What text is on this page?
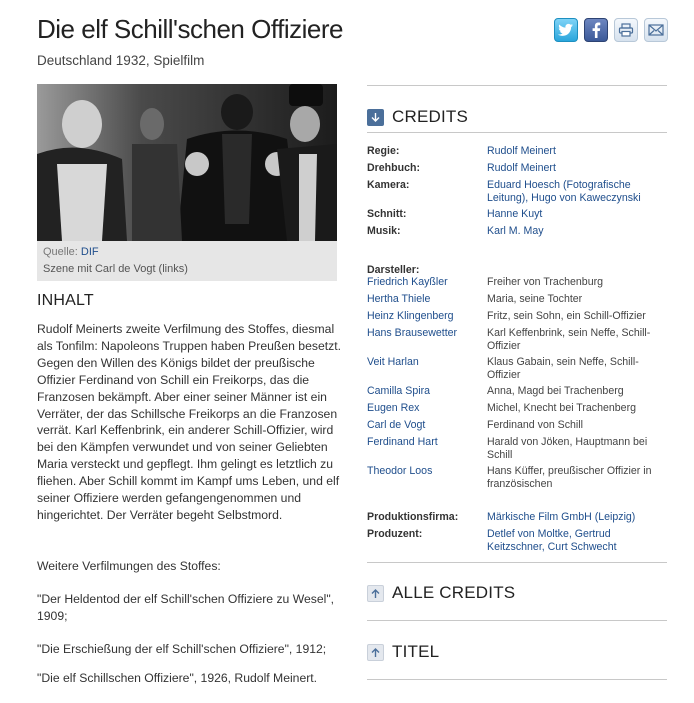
Die elf Schill'schen Offiziere
Deutschland 1932, Spielfilm
Quelle: DIF
Szene mit Carl de Vogt (links)
INHALT
Rudolf Meinerts zweite Verfilmung des Stoffes, diesmal als Tonfilm: Napoleons Truppen haben Preußen besetzt. Gegen den Willen des Königs bildet der preußische Offizier Ferdinand von Schill ein Freikorps, das die Franzosen bekämpft. Aber einer seiner Männer ist ein Verräter, der das Schillsche Freikorps an die Franzosen verrät. Karl Keffenbrink, ein anderer Schill-Offizier, wird bei den Kämpfen verwundet und von seiner Geliebten Maria versteckt und gepflegt. Ihm gelingt es letztlich zu fliehen. Aber Schill kommt im Kampf ums Leben, und elf seiner Offiziere werden gefangengenommen und hingerichtet. Der Verräter begeht Selbstmord.
Weitere Verfilmungen des Stoffes:
"Der Heldentod der elf Schill'schen Offiziere zu Wesel", 1909;
"Die Erschießung der elf Schill'schen Offiziere", 1912;
"Die elf Schillschen Offiziere", 1926, Rudolf Meinert.
CREDITS
Regie:	Rudolf Meinert
Drehbuch:	Rudolf Meinert
Kamera:	Eduard Hoesch (Fotografische Leitung), Hugo von Kaweczynski
Schnitt:	Hanne Kuyt
Musik:	Karl M. May
Darsteller:
Friedrich Kayßler	Freiher von Trachenburg
Hertha Thiele	Maria, seine Tochter
Heinz Klingenberg	Fritz, sein Sohn, ein Schill-Offizier
Hans Brausewetter	Karl Keffenbrink, sein Neffe, Schill-Offizier
Veit Harlan	Klaus Gabain, sein Neffe, Schill-Offizier
Camilla Spira	Anna, Magd bei Trachenberg
Eugen Rex	Michel, Knecht bei Trachenberg
Carl de Vogt	Ferdinand von Schill
Ferdinand Hart	Harald von Jöken, Hauptmann bei Schill
Theodor Loos	Hans Küffer, preußischer Offizier in französischen
Produktionsfirma:	Märkische Film GmbH (Leipzig)
Produzent:	Detlef von Moltke, Gertrud Keitzschner, Curt Schwecht
ALLE CREDITS
TITEL
